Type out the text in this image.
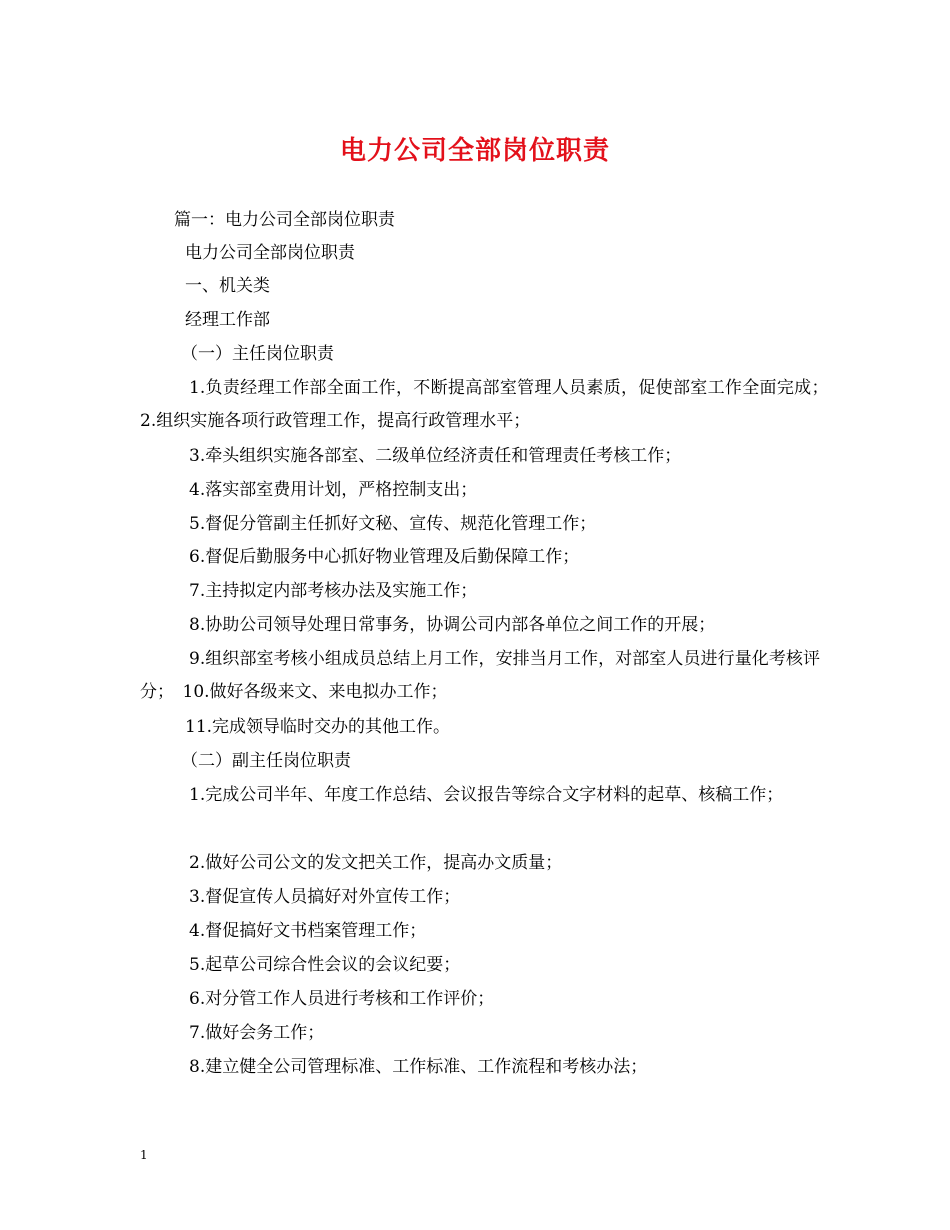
电力公司全部岗位职责
篇一：电力公司全部岗位职责
电力公司全部岗位职责
一、机关类
经理工作部
（一）主任岗位职责
1.负责经理工作部全面工作，不断提高部室管理人员素质，促使部室工作全面完成；　2.组织实施各项行政管理工作，提高行政管理水平；
3.牵头组织实施各部室、二级单位经济责任和管理责任考核工作；
4.落实部室费用计划，严格控制支出；
5.督促分管副主任抓好文秘、宣传、规范化管理工作；
6.督促后勤服务中心抓好物业管理及后勤保障工作；
7.主持拟定内部考核办法及实施工作；
8.协助公司领导处理日常事务，协调公司内部各单位之间工作的开展；
9.组织部室考核小组成员总结上月工作，安排当月工作，对部室人员进行量化考核评分；　10.做好各级来文、来电拟办工作；
11.完成领导临时交办的其他工作。
（二）副主任岗位职责
1.完成公司半年、年度工作总结、会议报告等综合文字材料的起草、核稿工作；
2.做好公司公文的发文把关工作，提高办文质量；
3.督促宣传人员搞好对外宣传工作；
4.督促搞好文书档案管理工作；
5.起草公司综合性会议的会议纪要；
6.对分管工作人员进行考核和工作评价；
7.做好会务工作；
8.建立健全公司管理标准、工作标准、工作流程和考核办法；
1
